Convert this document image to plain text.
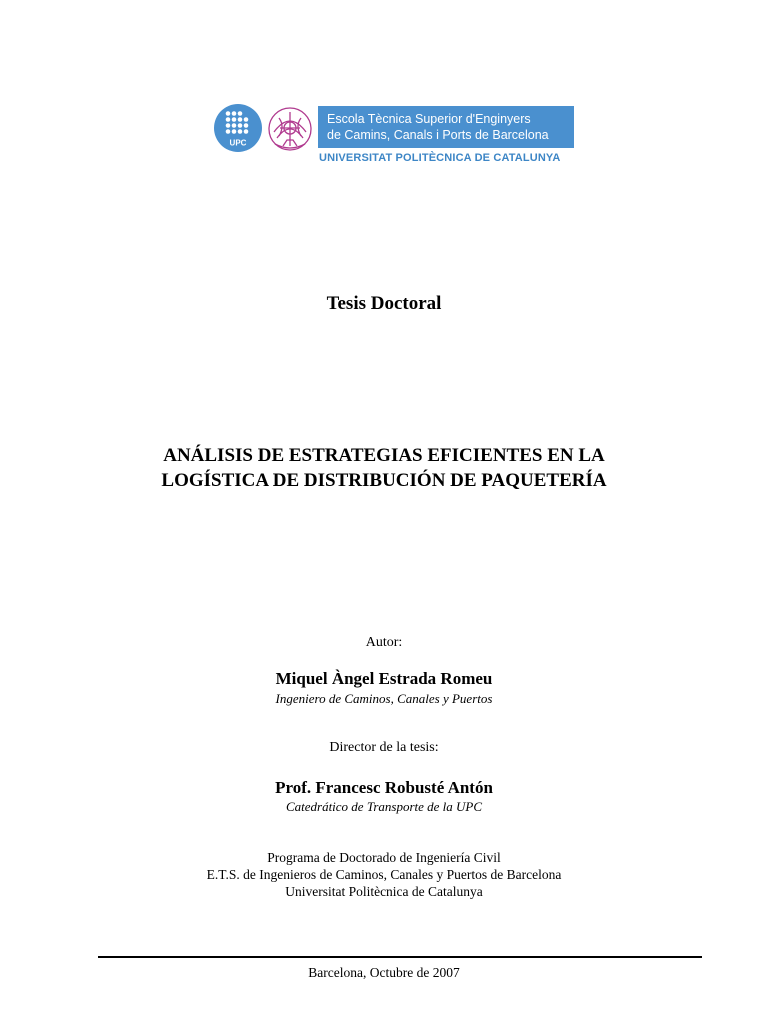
UPC
Escola Tècnica Superior d'Enginyers
de Camins, Canals i Ports de Barcelona
UNIVERSITAT POLITÈCNICA DE CATALUNYA
Tesis Doctoral
ANÁLISIS DE ESTRATEGIAS EFICIENTES EN LA
LOGÍSTICA DE DISTRIBUCIÓN DE PAQUETERÍA
Autor:
Miquel Àngel Estrada Romeu
Ingeniero de Caminos, Canales y Puertos
Director de la tesis:
Prof. Francesc Robusté Antón
Catedrático de Transporte de la UPC
Programa de Doctorado de Ingeniería Civil
E.T.S. de Ingenieros de Caminos, Canales y Puertos de Barcelona
Universitat Politècnica de Catalunya
Barcelona, Octubre de 2007
